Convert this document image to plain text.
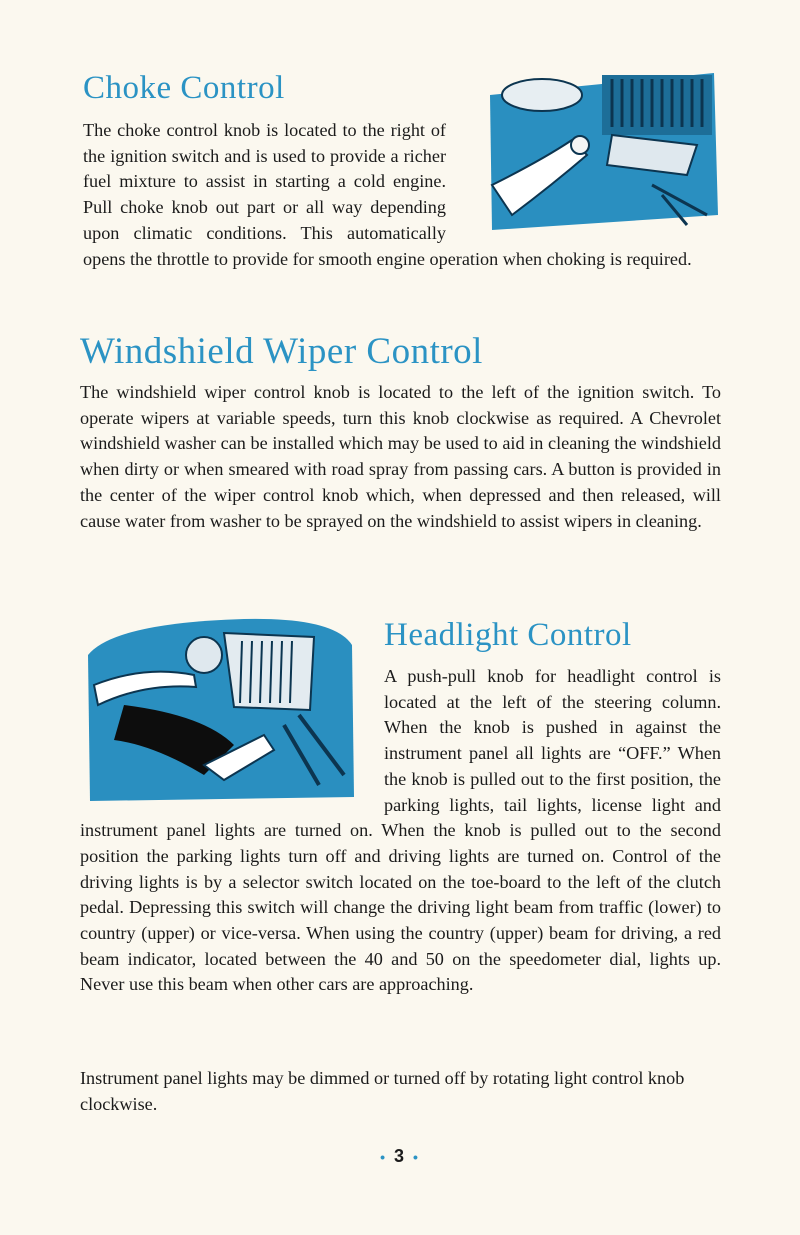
Choke Control

The choke control knob is located to the right of the ignition switch and is used to provide a richer fuel mixture to assist in starting a cold engine. Pull choke knob out part or all way depending upon climatic conditions. This automatically opens the throttle to provide for smooth engine operation when choking is required.

Windshield Wiper Control

The windshield wiper control knob is located to the left of the ignition switch. To operate wipers at variable speeds, turn this knob clockwise as required. A Chevrolet windshield washer can be installed which may be used to aid in cleaning the windshield when dirty or when smeared with road spray from passing cars. A button is provided in the center of the wiper control knob which, when depressed and then released, will cause water from washer to be sprayed on the windshield to assist wipers in cleaning.

Headlight Control

A push-pull knob for headlight control is located at the left of the steering column. When the knob is pushed in against the instrument panel all lights are “OFF.” When the knob is pulled out to the first position, the parking lights, tail lights, license light and instrument panel lights are turned on. When the knob is pulled out to the second position the parking lights turn off and driving lights are turned on. Control of the driving lights is by a selector switch located on the toe-board to the left of the clutch pedal. Depressing this switch will change the driving light beam from traffic (lower) to country (upper) or vice-versa. When using the country (upper) beam for driving, a red beam indicator, located between the 40 and 50 on the speedometer dial, lights up. Never use this beam when other cars are approaching.

Instrument panel lights may be dimmed or turned off by rotating light control knob clockwise.

• 3 •
